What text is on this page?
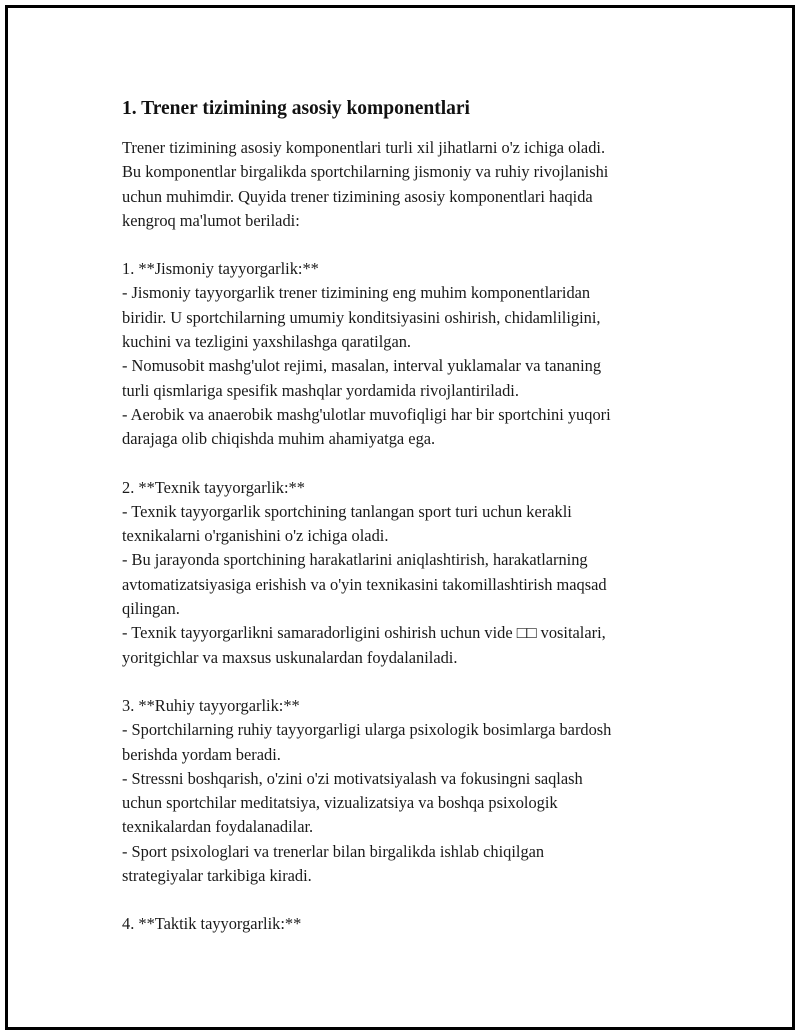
1. Trener tizimining asosiy komponentlari

Trener tizimining asosiy komponentlari turli xil jihatlarni o'z ichiga oladi.
Bu komponentlar birgalikda sportchilarning jismoniy va ruhiy rivojlanishi
uchun muhimdir. Quyida trener tizimining asosiy komponentlari haqida
kengroq ma'lumot beriladi:

1. **Jismoniy tayyorgarlik:**

- Jismoniy tayyorgarlik trener tizimining eng muhim komponentlaridan
biridir. U sportchilarning umumiy konditsiyasini oshirish, chidamliligini,
kuchini va tezligini yaxshilashga qaratilgan.

- Nomusobit mashg'ulot rejimi, masalan, interval yuklamalar va tananing
turli qismlariga spesifik mashqlar yordamida rivojlantiriladi.

- Aerobik va anaerobik mashg'ulotlar muvofiqligi har bir sportchini yuqori
darajaga olib chiqishda muhim ahamiyatga ega.

2. **Texnik tayyorgarlik:**

- Texnik tayyorgarlik sportchining tanlangan sport turi uchun kerakli
texnikalarni o'rganishini o'z ichiga oladi.

- Bu jarayonda sportchining harakatlarini aniqlashtirish, harakatlarning
avtomatizatsiyasiga erishish va o'yin texnikasini takomillashtirish maqsad
qilingan.

- Texnik tayyorgarlikni samaradorligini oshirish uchun vide □□ vositalari,
yoritgichlar va maxsus uskunalardan foydalaniladi.

3. **Ruhiy tayyorgarlik:**

- Sportchilarning ruhiy tayyorgarligi ularga psixologik bosimlarga bardosh
berishda yordam beradi.

- Stressni boshqarish, o'zini o'zi motivatsiyalash va fokusingni saqlash
uchun sportchilar meditatsiya, vizualizatsiya va boshqa psixologik
texnikalardan foydalanadilar.

- Sport psixologlari va trenerlar bilan birgalikda ishlab chiqilgan
strategiyalar tarkibiga kiradi.

4. **Taktik tayyorgarlik:**
